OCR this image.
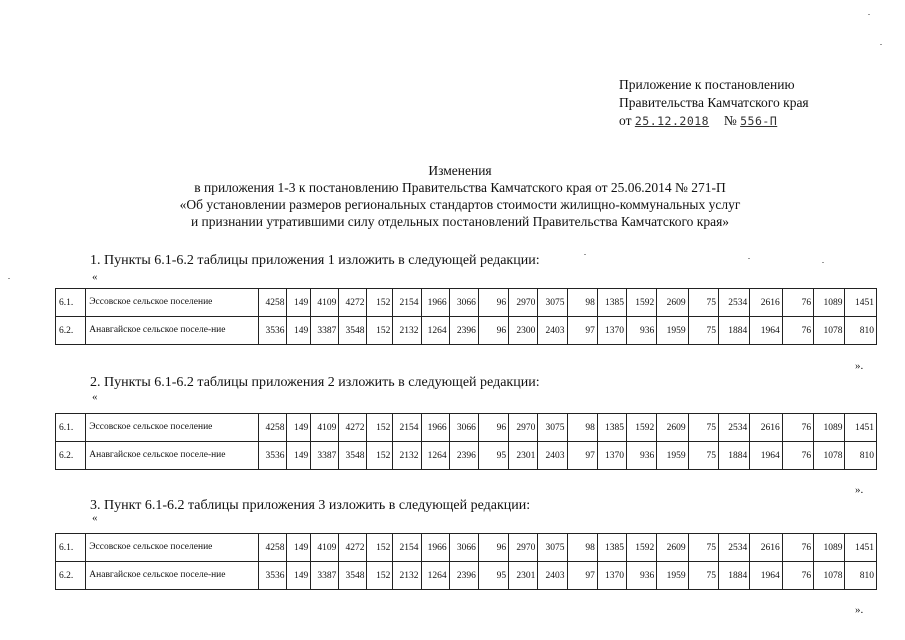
Приложение к постановлению
Правительства Камчатского края
от 25.12.2018 № 556-П
Изменения
в приложения 1-3 к постановлению Правительства Камчатского края от 25.06.2014 № 271-П
«Об установлении размеров региональных стандартов стоимости жилищно-коммунальных услуг
и признании утратившими силу отдельных постановлений Правительства Камчатского края»
1. Пункты 6.1-6.2 таблицы приложения 1 изложить в следующей редакции:
«
6.1.	Эссовское сельское поселение	4258	149	4109	4272	152	2154	1966	3066	96	2970	3075	98	1385	1592	2609	75	2534	2616	76	1089	1451
6.2.	Анавгайское сельское поселе-ние	3536	149	3387	3548	152	2132	1264	2396	96	2300	2403	97	1370	936	1959	75	1884	1964	76	1078	810
».
2. Пункты 6.1-6.2 таблицы приложения 2 изложить в следующей редакции:
«
6.1.	Эссовское сельское поселение	4258	149	4109	4272	152	2154	1966	3066	96	2970	3075	98	1385	1592	2609	75	2534	2616	76	1089	1451
6.2.	Анавгайское сельское поселе-ние	3536	149	3387	3548	152	2132	1264	2396	95	2301	2403	97	1370	936	1959	75	1884	1964	76	1078	810
».
3. Пункт 6.1-6.2 таблицы приложения 3 изложить в следующей редакции:
«
6.1.	Эссовское сельское поселение	4258	149	4109	4272	152	2154	1966	3066	96	2970	3075	98	1385	1592	2609	75	2534	2616	76	1089	1451
6.2.	Анавгайское сельское поселе-ние	3536	149	3387	3548	152	2132	1264	2396	95	2301	2403	97	1370	936	1959	75	1884	1964	76	1078	810
».
